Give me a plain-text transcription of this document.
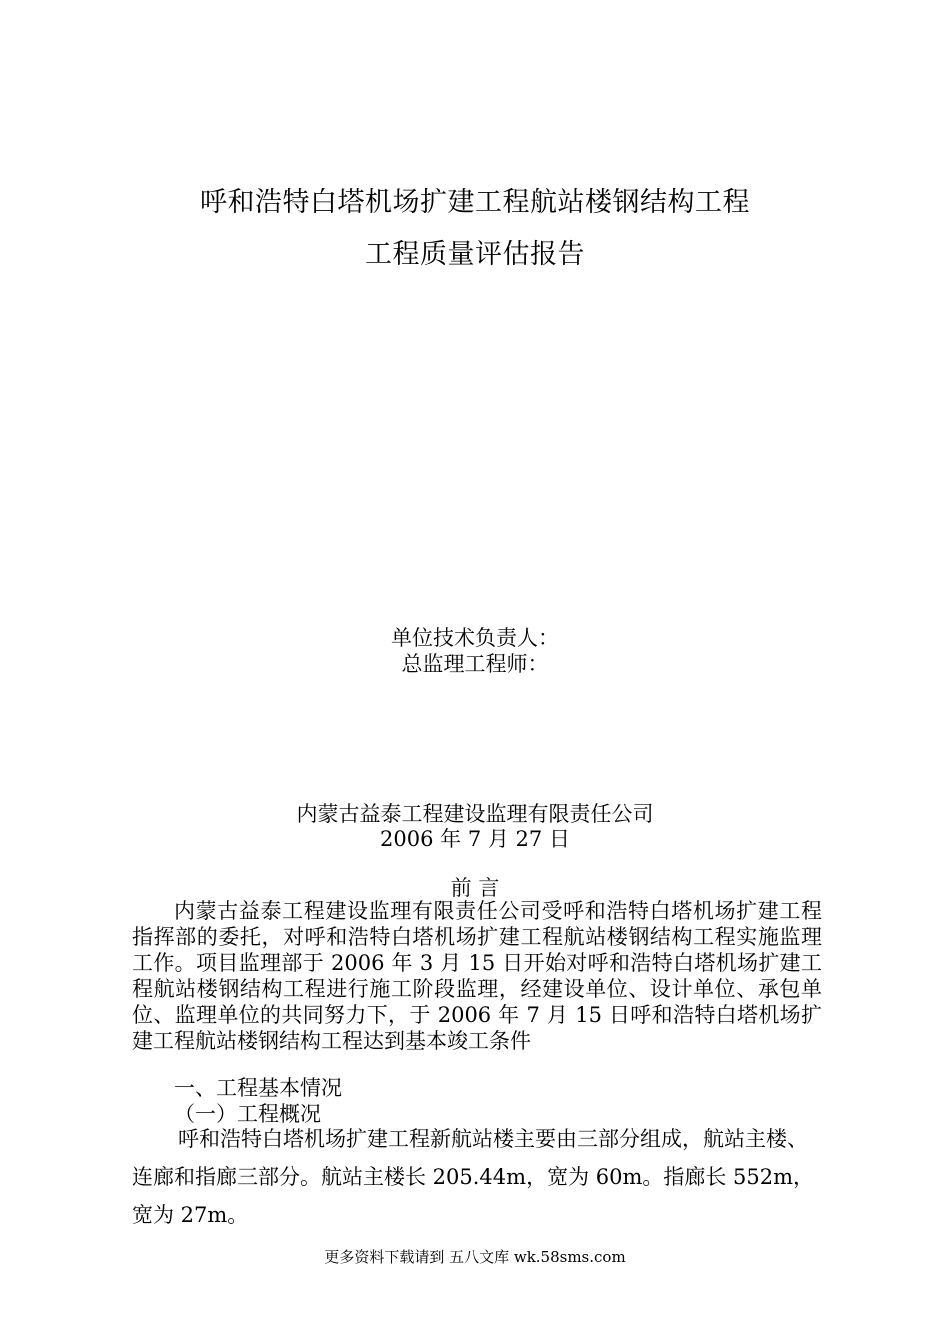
呼和浩特白塔机场扩建工程航站楼钢结构工程
工程质量评估报告
单位技术负责人：
总监理工程师：
内蒙古益泰工程建设监理有限责任公司
2006 年 7 月 27 日
前 言
内蒙古益泰工程建设监理有限责任公司受呼和浩特白塔机场扩建工程指挥部的委托，对呼和浩特白塔机场扩建工程航站楼钢结构工程实施监理工作。项目监理部于 2006 年 3 月 15 日开始对呼和浩特白塔机场扩建工程航站楼钢结构工程进行施工阶段监理，经建设单位、设计单位、承包单位、监理单位的共同努力下，于 2006 年 7 月 15 日呼和浩特白塔机场扩建工程航站楼钢结构工程达到基本竣工条件
一、工程基本情况
（一）工程概况
呼和浩特白塔机场扩建工程新航站楼主要由三部分组成，航站主楼、连廊和指廊三部分。航站主楼长 205.44m，宽为 60m。指廊长 552m，宽为 27m。
更多资料下载请到 五八文库 wk.58sms.com
